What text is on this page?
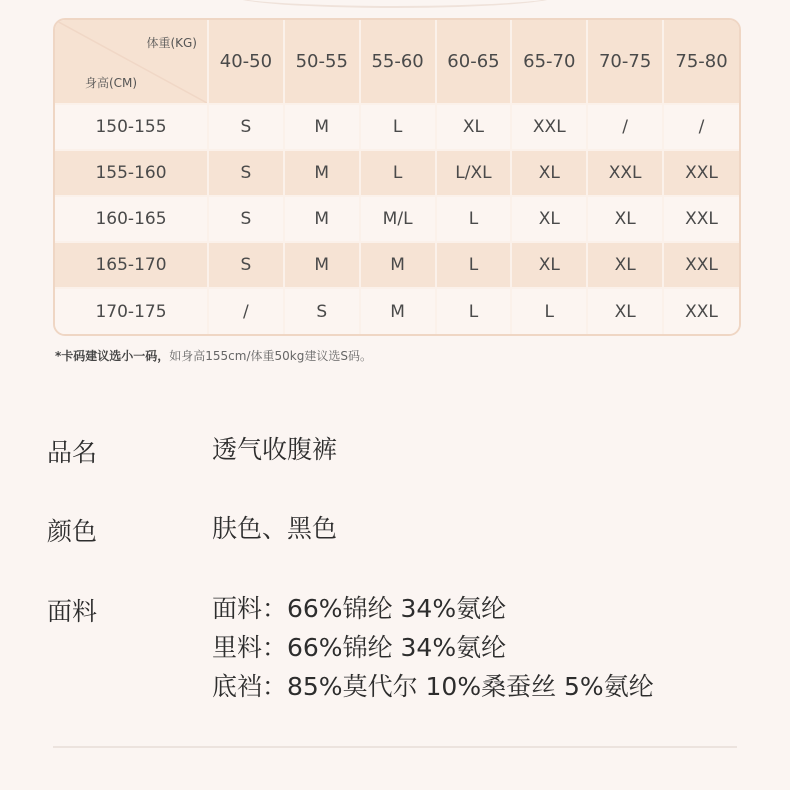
体重(KG)
身高(CM)	40-50	50-55	55-60	60-65	65-70	70-75	75-80
150-155	S	M	L	XL	XXL	/	/
155-160	S	M	L	L/XL	XL	XXL	XXL
160-165	S	M	M/L	L	XL	XL	XXL
165-170	S	M	M	L	XL	XL	XXL
170-175	/	S	M	L	L	XL	XXL
*卡码建议选小一码，如身高155cm/体重50kg建议选S码。
品名	透气收腹裤
颜色	肤色、黑色
面料	面料：66%锦纶 34%氨纶
里料：66%锦纶 34%氨纶
底裆：85%莫代尔 10%桑蚕丝 5%氨纶
